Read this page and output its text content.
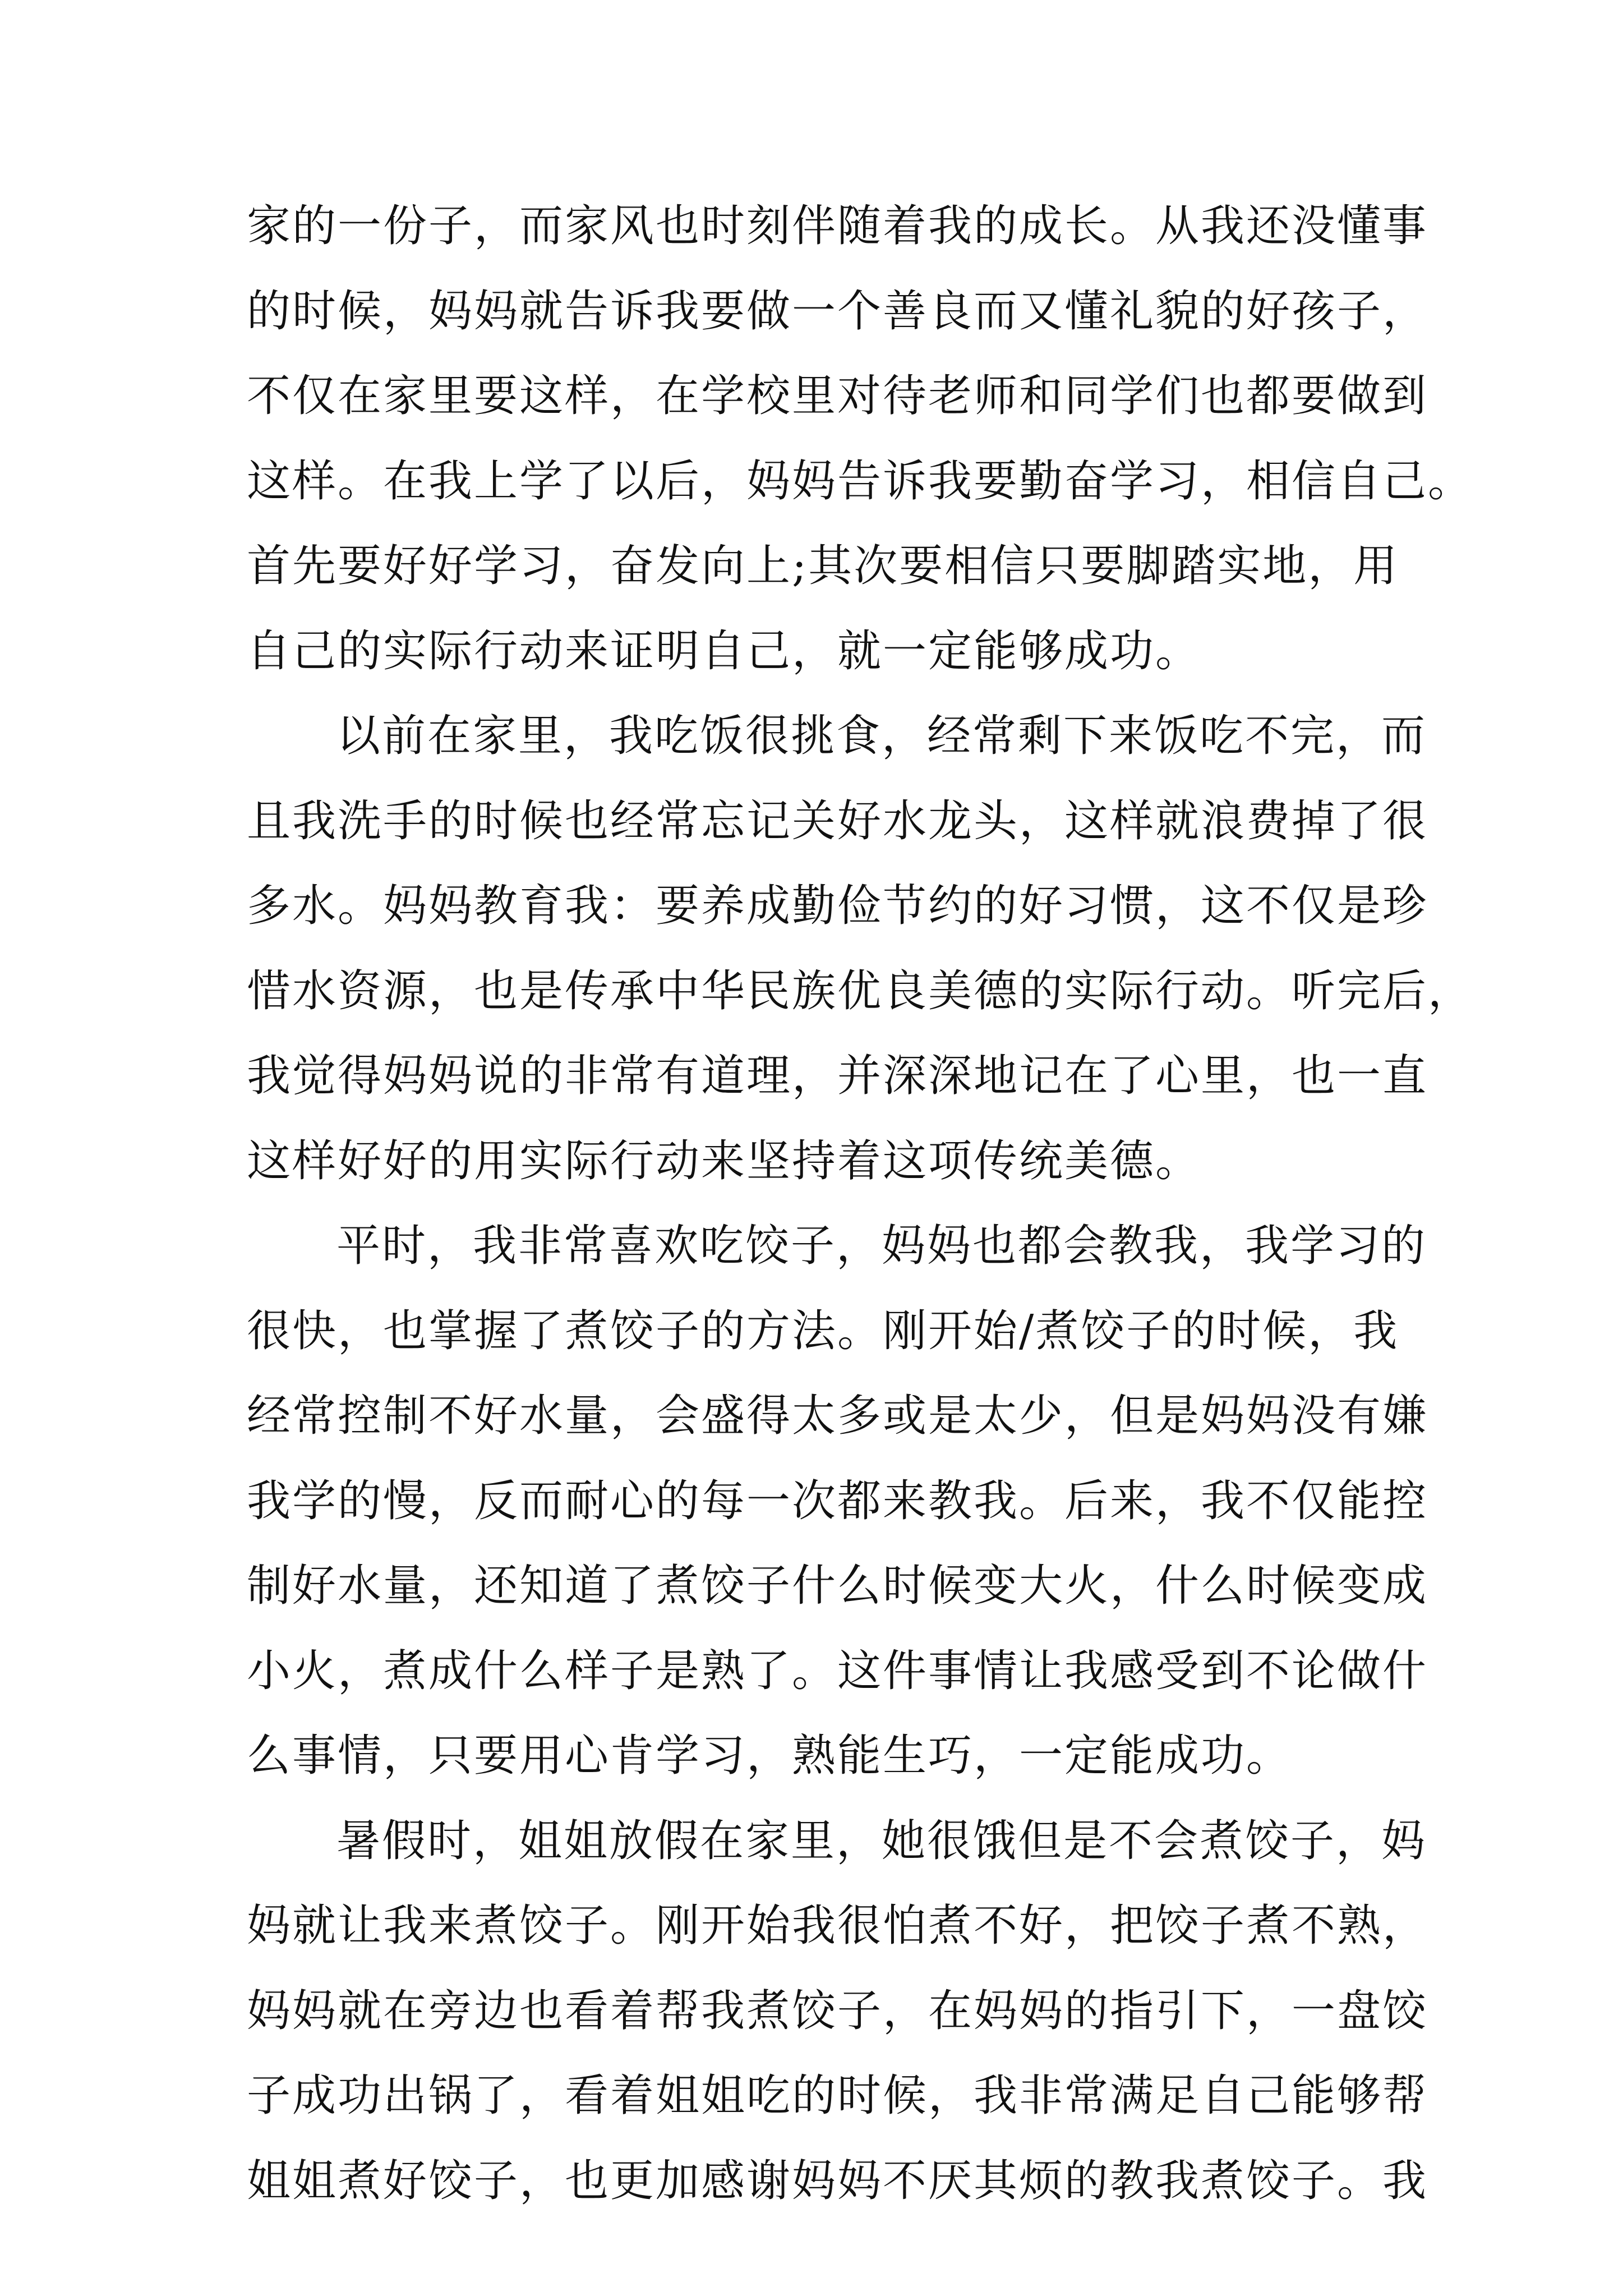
家的一份子，而家风也时刻伴随着我的成长。从我还没懂事
的时候，妈妈就告诉我要做一个善良而又懂礼貌的好孩子，
不仅在家里要这样，在学校里对待老师和同学们也都要做到
这样。在我上学了以后，妈妈告诉我要勤奋学习，相信自己。
首先要好好学习，奋发向上;其次要相信只要脚踏实地，用
自己的实际行动来证明自己，就一定能够成功。
以前在家里，我吃饭很挑食，经常剩下来饭吃不完，而
且我洗手的时候也经常忘记关好水龙头，这样就浪费掉了很
多水。妈妈教育我：要养成勤俭节约的好习惯，这不仅是珍
惜水资源，也是传承中华民族优良美德的实际行动。听完后，
我觉得妈妈说的非常有道理，并深深地记在了心里，也一直
这样好好的用实际行动来坚持着这项传统美德。
平时，我非常喜欢吃饺子，妈妈也都会教我，我学习的
很快，也掌握了煮饺子的方法。刚开始/煮饺子的时候，我
经常控制不好水量，会盛得太多或是太少，但是妈妈没有嫌
我学的慢，反而耐心的每一次都来教我。后来，我不仅能控
制好水量，还知道了煮饺子什么时候变大火，什么时候变成
小火，煮成什么样子是熟了。这件事情让我感受到不论做什
么事情，只要用心肯学习，熟能生巧，一定能成功。
暑假时，姐姐放假在家里，她很饿但是不会煮饺子，妈
妈就让我来煮饺子。刚开始我很怕煮不好，把饺子煮不熟，
妈妈就在旁边也看着帮我煮饺子，在妈妈的指引下，一盘饺
子成功出锅了，看着姐姐吃的时候，我非常满足自己能够帮
姐姐煮好饺子，也更加感谢妈妈不厌其烦的教我煮饺子。我
